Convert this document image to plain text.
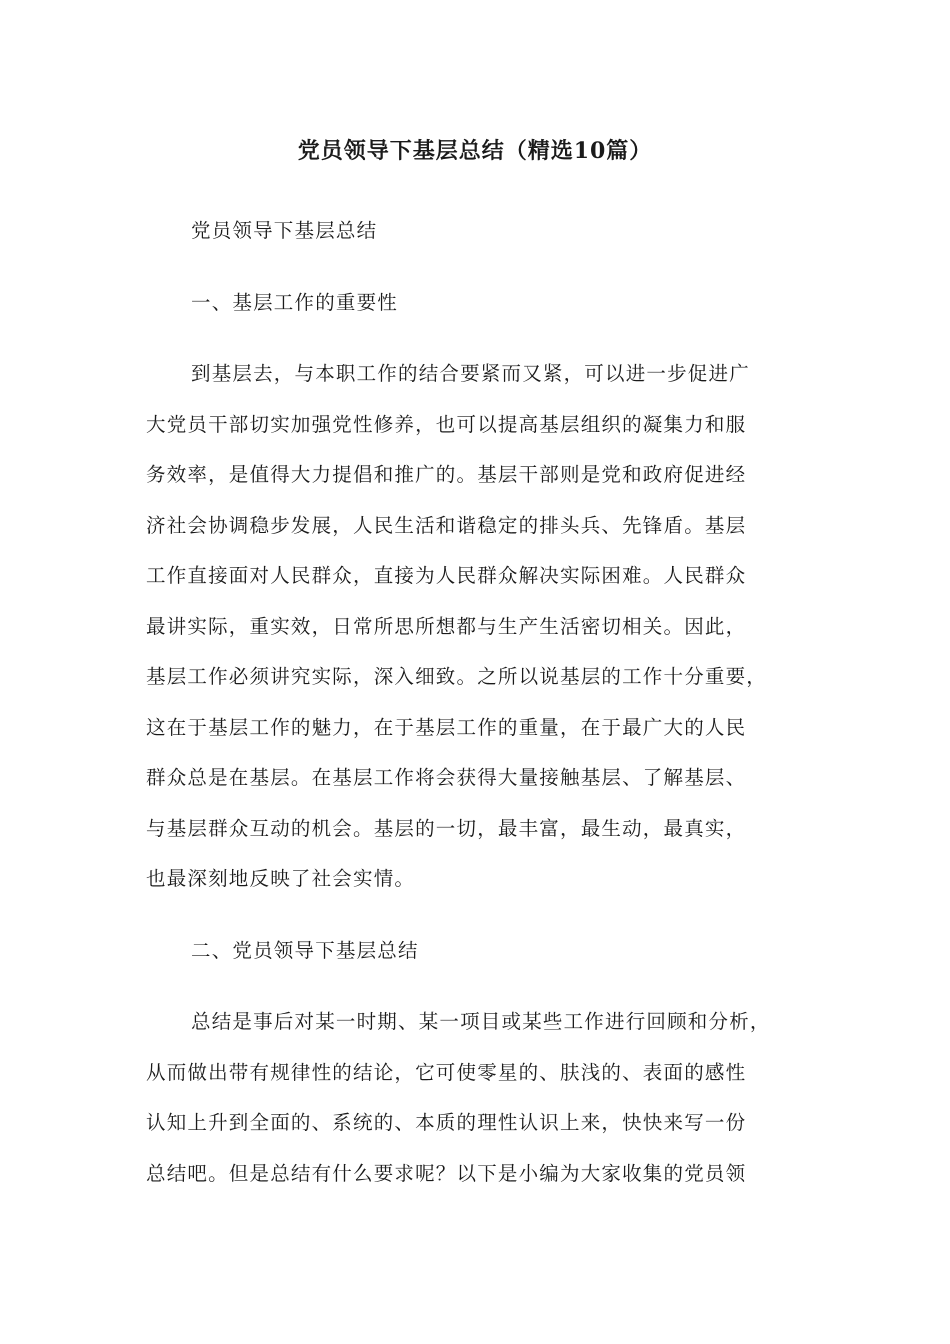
党员领导下基层总结（精选10篇）

党员领导下基层总结

一、基层工作的重要性

到基层去，与本职工作的结合要紧而又紧，可以进一步促进广
大党员干部切实加强党性修养，也可以提高基层组织的凝集力和服
务效率，是值得大力提倡和推广的。基层干部则是党和政府促进经
济社会协调稳步发展，人民生活和谐稳定的排头兵、先锋盾。基层
工作直接面对人民群众，直接为人民群众解决实际困难。人民群众
最讲实际，重实效，日常所思所想都与生产生活密切相关。因此，
基层工作必须讲究实际，深入细致。之所以说基层的工作十分重要，
这在于基层工作的魅力，在于基层工作的重量，在于最广大的人民
群众总是在基层。在基层工作将会获得大量接触基层、了解基层、
与基层群众互动的机会。基层的一切，最丰富，最生动，最真实，
也最深刻地反映了社会实情。

二、党员领导下基层总结

总结是事后对某一时期、某一项目或某些工作进行回顾和分析，
从而做出带有规律性的结论，它可使零星的、肤浅的、表面的感性
认知上升到全面的、系统的、本质的理性认识上来，快快来写一份
总结吧。但是总结有什么要求呢？以下是小编为大家收集的党员领
